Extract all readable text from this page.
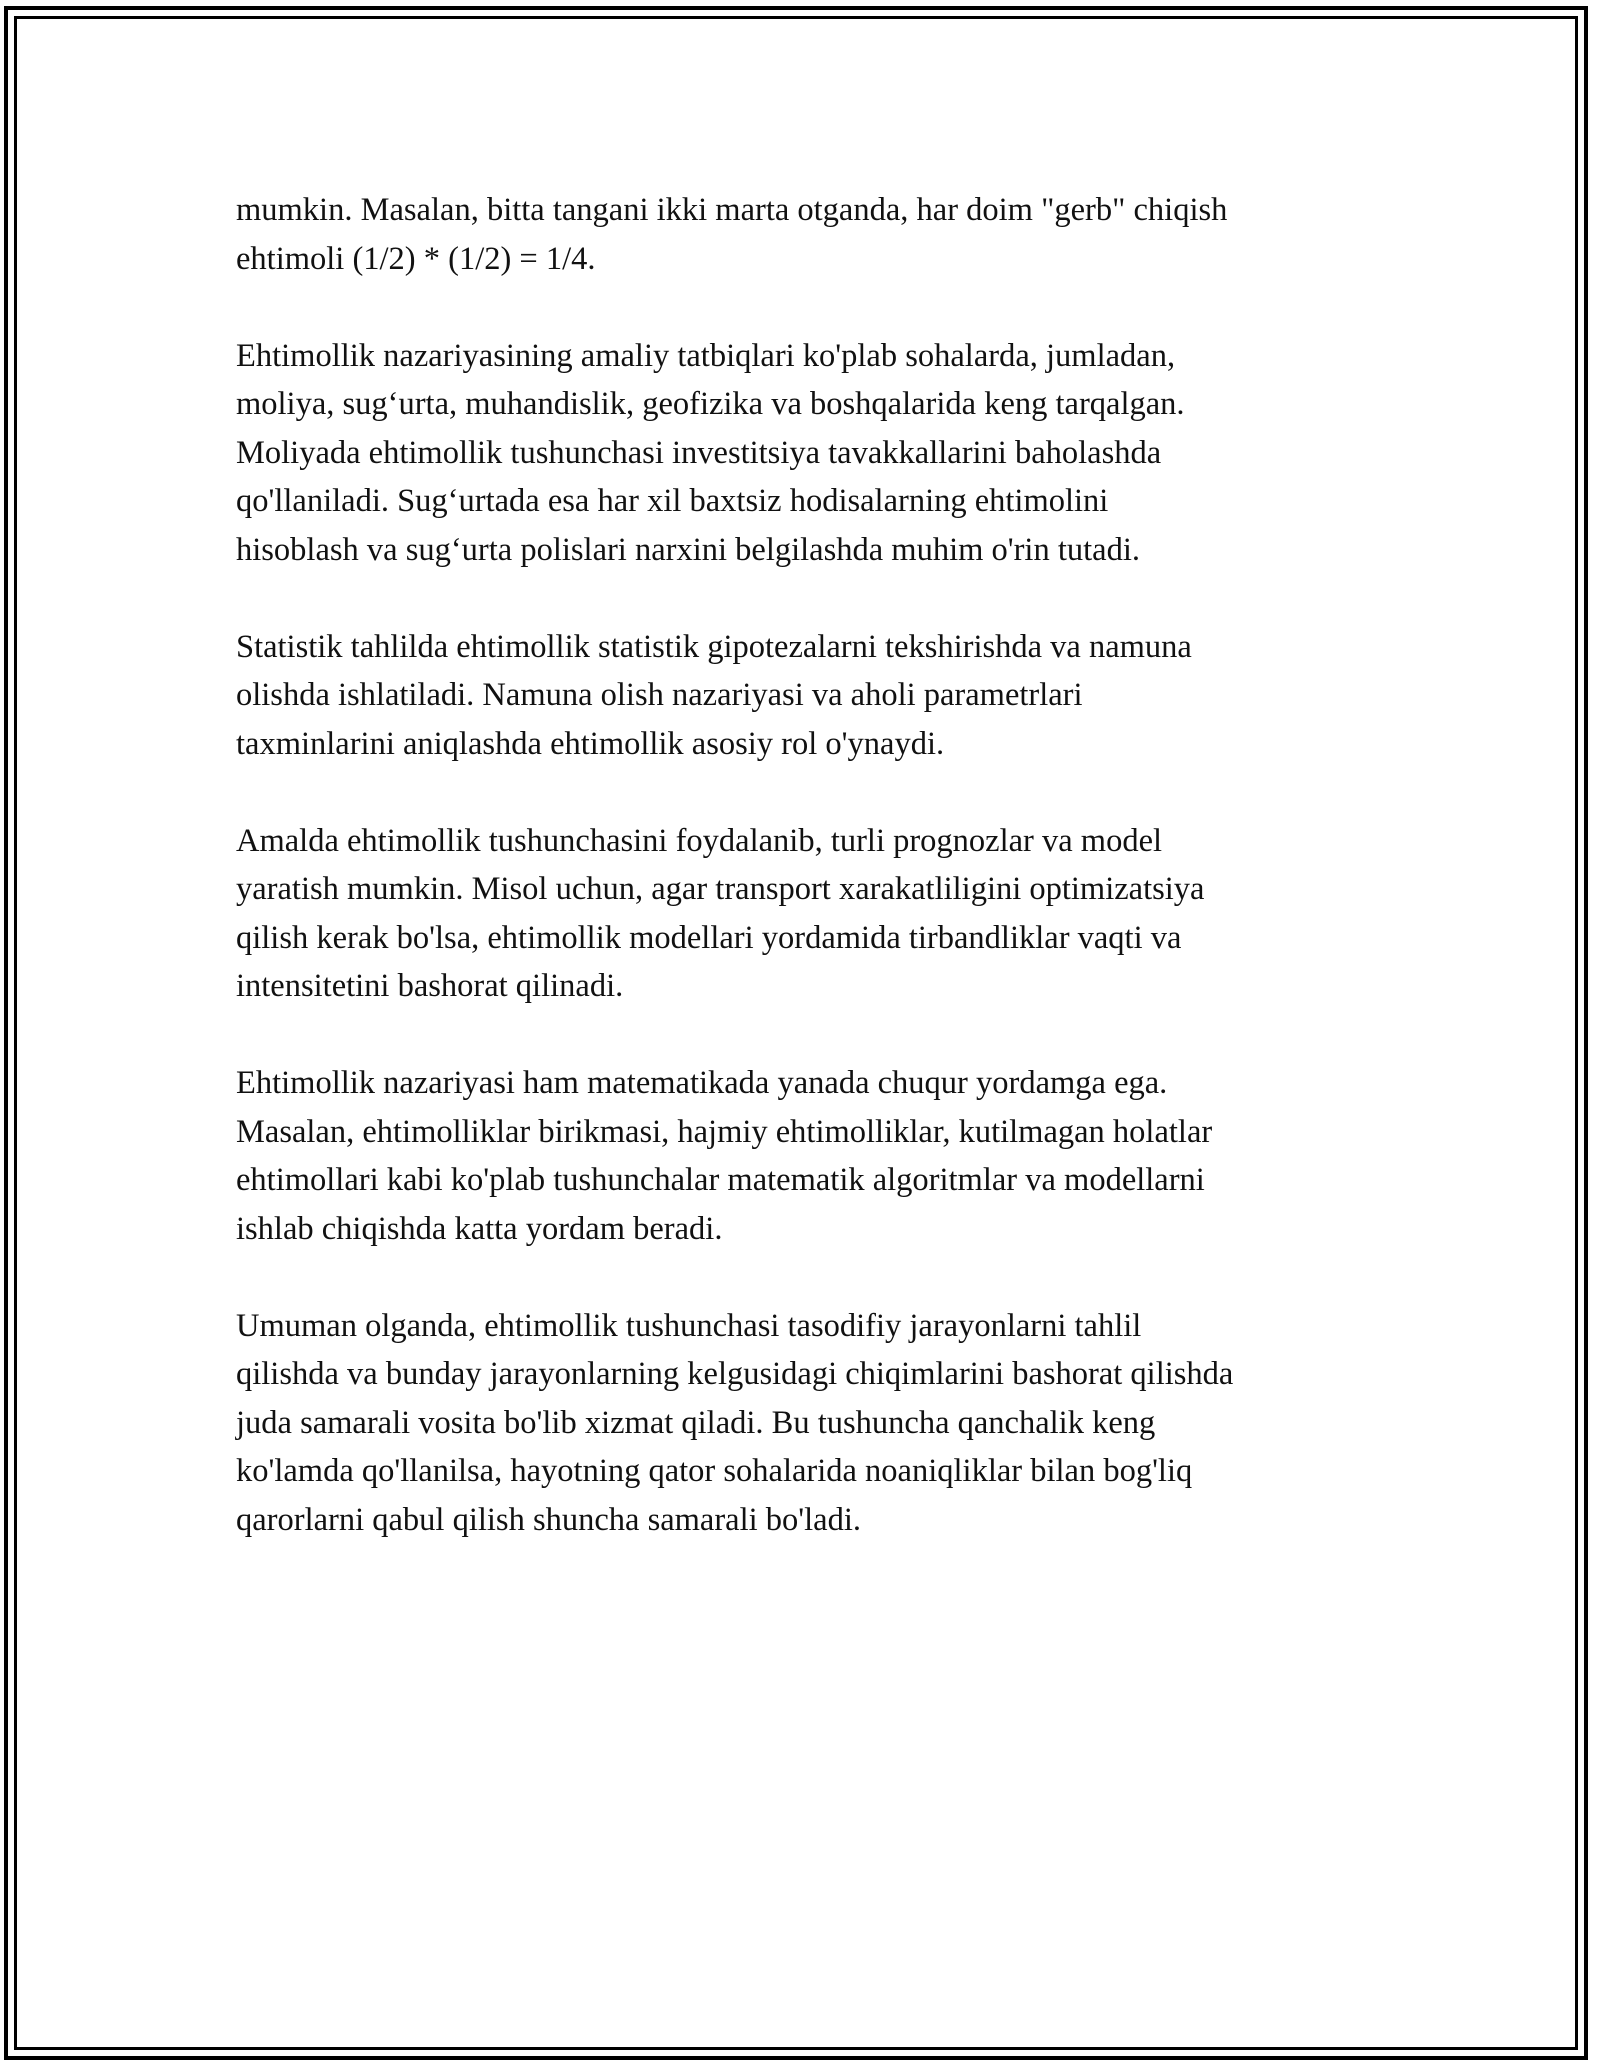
mumkin. Masalan, bitta tangani ikki marta otganda, har doim "gerb" chiqish
ehtimoli (1/2) * (1/2) = 1/4.
Ehtimollik nazariyasining amaliy tatbiqlari ko'plab sohalarda, jumladan,
moliya, sugʻurta, muhandislik, geofizika va boshqalarida keng tarqalgan.
Moliyada ehtimollik tushunchasi investitsiya tavakkallarini baholashda
qo'llaniladi. Sugʻurtada esa har xil baxtsiz hodisalarning ehtimolini
hisoblash va sugʻurta polislari narxini belgilashda muhim o'rin tutadi.
Statistik tahlilda ehtimollik statistik gipotezalarni tekshirishda va namuna
olishda ishlatiladi. Namuna olish nazariyasi va aholi parametrlari
taxminlarini aniqlashda ehtimollik asosiy rol o'ynaydi.
Amalda ehtimollik tushunchasini foydalanib, turli prognozlar va model
yaratish mumkin. Misol uchun, agar transport xarakatliligini optimizatsiya
qilish kerak bo'lsa, ehtimollik modellari yordamida tirbandliklar vaqti va
intensitetini bashorat qilinadi.
Ehtimollik nazariyasi ham matematikada yanada chuqur yordamga ega.
Masalan, ehtimolliklar birikmasi, hajmiy ehtimolliklar, kutilmagan holatlar
ehtimollari kabi ko'plab tushunchalar matematik algoritmlar va modellarni
ishlab chiqishda katta yordam beradi.
Umuman olganda, ehtimollik tushunchasi tasodifiy jarayonlarni tahlil
qilishda va bunday jarayonlarning kelgusidagi chiqimlarini bashorat qilishda
juda samarali vosita bo'lib xizmat qiladi. Bu tushuncha qanchalik keng
ko'lamda qo'llanilsa, hayotning qator sohalarida noaniqliklar bilan bog'liq
qarorlarni qabul qilish shuncha samarali bo'ladi.
